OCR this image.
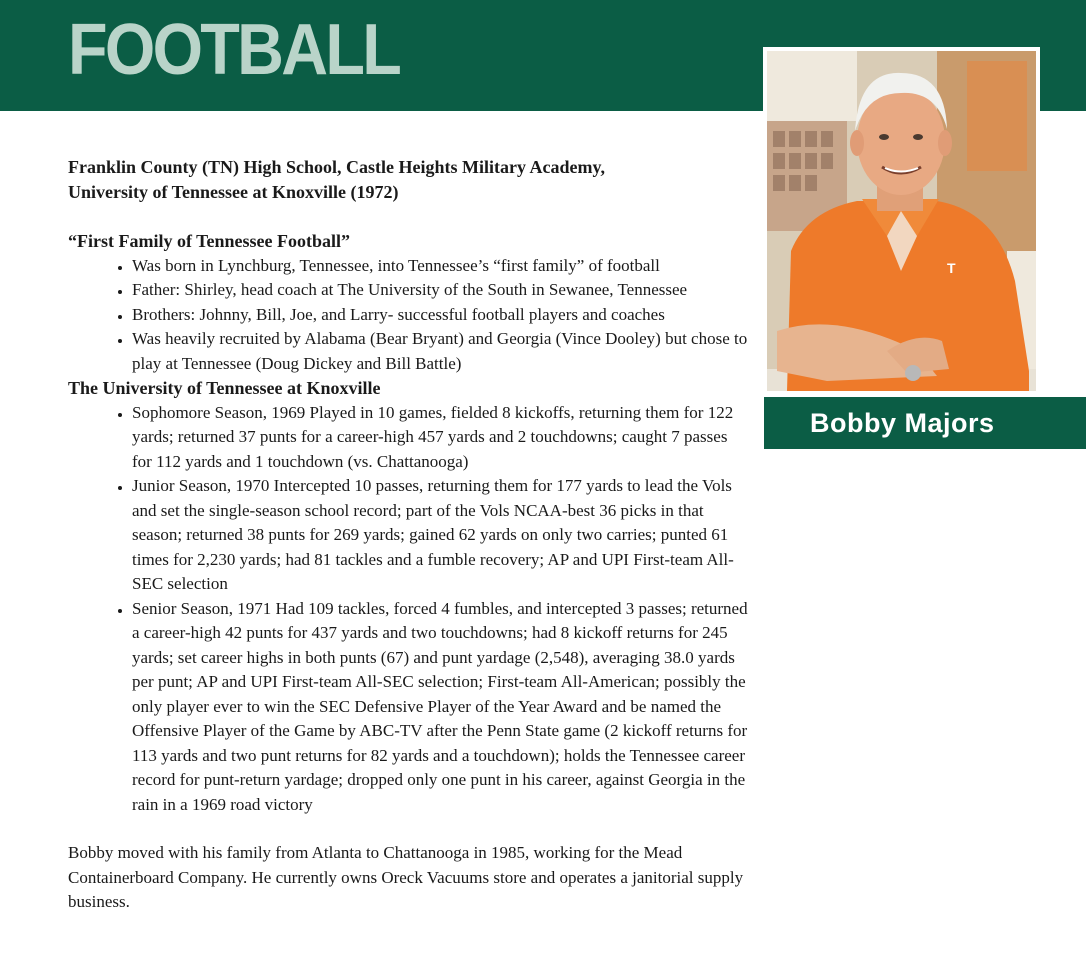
FOOTBALL
T
Bobby Majors

Franklin County (TN) High School, Castle Heights Military Academy, University of Tennessee at Knoxville (1972)

“First Family of Tennessee Football”

• Was born in Lynchburg, Tennessee, into Tennessee’s “first family” of football
• Father: Shirley, head coach at The University of the South in Sewanee, Tennessee
• Brothers: Johnny, Bill, Joe, and Larry- successful football players and coaches
• Was heavily recruited by Alabama (Bear Bryant) and Georgia (Vince Dooley) but chose to play at Tennessee (Doug Dickey and Bill Battle)

The University of Tennessee at Knoxville

• Sophomore Season, 1969 Played in 10 games, fielded 8 kickoffs, returning them for 122 yards; returned 37 punts for a career-high 457 yards and 2 touchdowns; caught 7 passes for 112 yards and 1 touchdown (vs. Chattanooga)
• Junior Season, 1970 Intercepted 10 passes, returning them for 177 yards to lead the Vols and set the single-season school record; part of the Vols NCAA-best 36 picks in that season; returned 38 punts for 269 yards; gained 62 yards on only two carries; punted 61 times for 2,230 yards; had 81 tackles and a fumble recovery; AP and UPI First-team All-SEC selection
• Senior Season, 1971 Had 109 tackles, forced 4 fumbles, and intercepted 3 passes; returned a career-high 42 punts for 437 yards and two touchdowns; had 8 kickoff returns for 245 yards; set career highs in both punts (67) and punt yardage (2,548), averaging 38.0 yards per punt; AP and UPI First-team All-SEC selection; First-team All-American; possibly the only player ever to win the SEC Defensive Player of the Year Award and be named the Offensive Player of the Game by ABC-TV after the Penn State game (2 kickoff returns for 113 yards and two punt returns for 82 yards and a touchdown); holds the Tennessee career record for punt-return yardage; dropped only one punt in his career, against Georgia in the rain in a 1969 road victory

Bobby moved with his family from Atlanta to Chattanooga in 1985, working for the Mead Containerboard Company. He currently owns Oreck Vacuums store and operates a janitorial supply business.
